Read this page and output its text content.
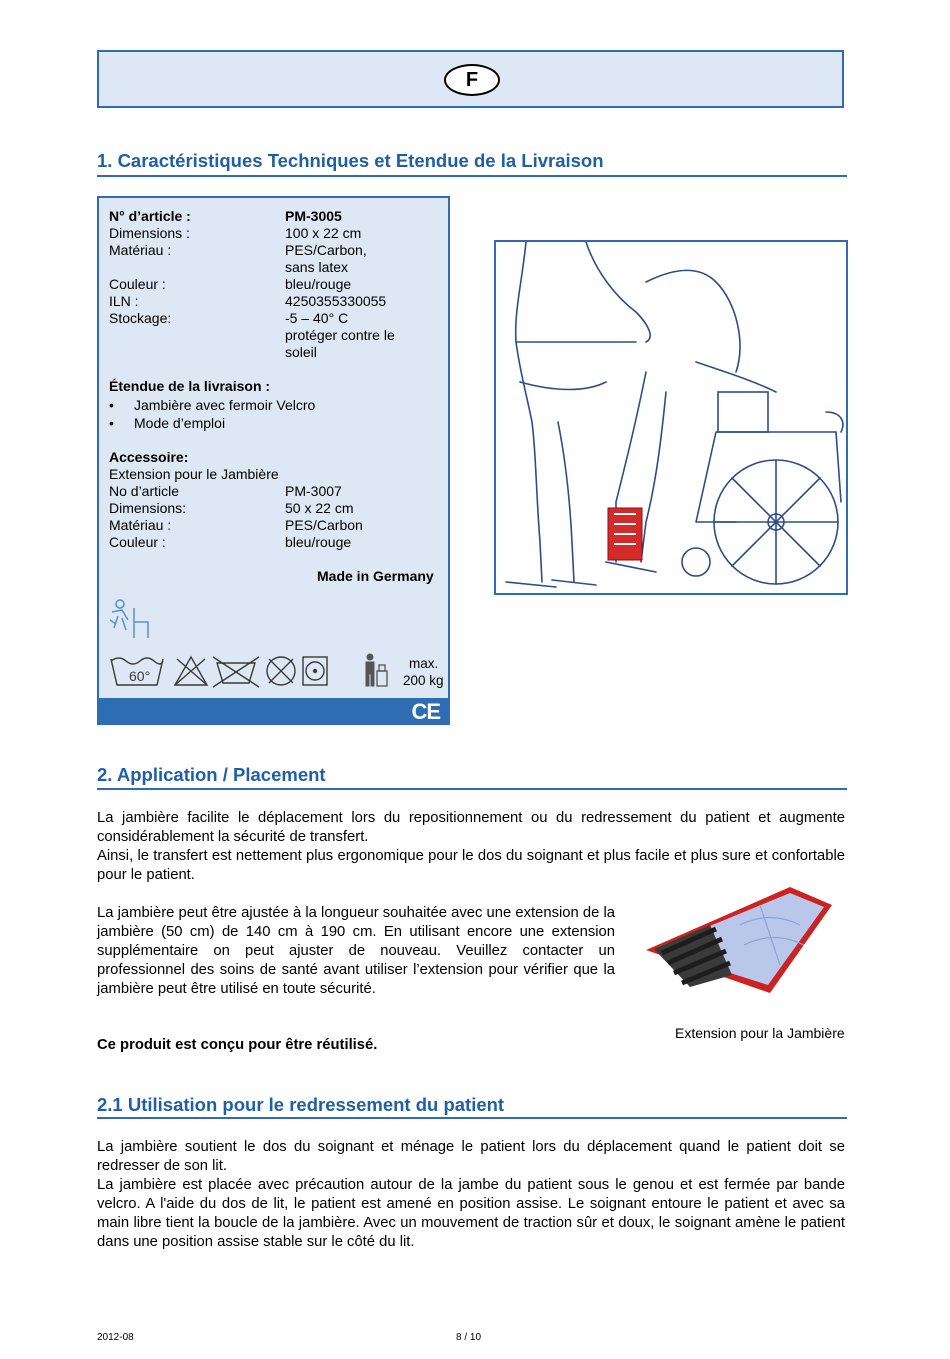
F
1. Caractéristiques Techniques et Etendue de la Livraison
N° d’article :	PM-3005
Dimensions :	100 x 22 cm
Matériau :	PES/Carbon,
sans latex
Couleur :	bleu/rouge
ILN :	4250355330055
Stockage:	-5 – 40° C
protéger contre le
soleil
Étendue de la livraison :
• Jambière avec fermoir Velcro
• Mode d’emploi
Accessoire:
Extension pour le Jambière
No d’article	PM-3007
Dimensions:	50 x 22 cm
Matériau :	PES/Carbon
Couleur :	bleu/rouge
Made in Germany
60°
max.
200 kg
CE
2. Application / Placement
La jambière facilite le déplacement lors du repositionnement ou du redressement du patient et augmente considérablement la sécurité de transfert.
Ainsi, le transfert est nettement plus ergonomique pour le dos du soignant et plus facile et plus sure et confortable pour le patient.
La jambière peut être ajustée à la longueur souhaitée avec une extension de la jambière (50 cm) de 140 cm à 190 cm. En utilisant encore une extension supplémentaire on peut ajuster de nouveau. Veuillez contacter un professionnel des soins de santé avant utiliser l’extension pour vérifier que la jambière peut être utilisé en toute sécurité.
Ce produit est conçu pour être réutilisé.
Extension pour la Jambière
2.1 Utilisation pour le redressement du patient
La jambière soutient le dos du soignant et ménage le patient lors du déplacement quand le patient doit se redresser de son lit.
La jambière est placée avec précaution autour de la jambe du patient sous le genou et est fermée par bande velcro. A l'aide du dos de lit, le patient est amené en position assise. Le soignant entoure le patient et avec sa main libre tient la boucle de la jambière. Avec un mouvement de traction sûr et doux, le soignant amène le patient dans une position assise stable sur le côté du lit.
2012-08	8 / 10
